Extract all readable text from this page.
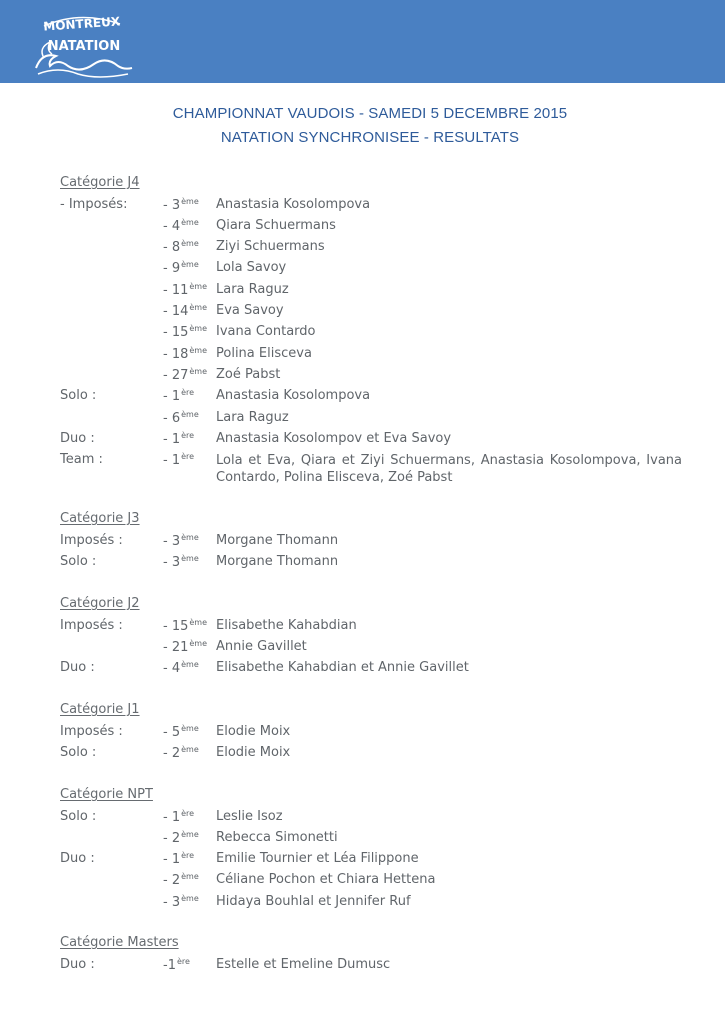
MONTREUX
NATATION
CHAMPIONNAT VAUDOIS - SAMEDI 5 DECEMBRE 2015
NATATION SYNCHRONISEE - RESULTATS
Catégorie J4
- Imposés:	- 3ème Anastasia Kosolompova
- 4ème Qiara Schuermans
- 8ème Ziyi Schuermans
- 9ème Lola Savoy
- 11ème Lara Raguz
- 14ème Eva Savoy
- 15ème Ivana Contardo
- 18ème Polina Elisceva
- 27ème Zoé Pabst
Solo :	- 1ère Anastasia Kosolompova
- 6ème Lara Raguz
Duo :	- 1ère Anastasia Kosolompov et Eva Savoy
Team :	- 1ère Lola et Eva, Qiara et Ziyi Schuermans, Anastasia Kosolompova, Ivana Contardo, Polina Elisceva, Zoé Pabst
Catégorie J3
Imposés :	- 3ème Morgane Thomann
Solo :	- 3ème Morgane Thomann
Catégorie J2
Imposés :	- 15ème Elisabethe Kahabdian
- 21ème Annie Gavillet
Duo :	- 4ème Elisabethe Kahabdian et Annie Gavillet
Catégorie J1
Imposés :	- 5ème Elodie Moix
Solo :	- 2ème Elodie Moix
Catégorie NPT
Solo :	- 1ère Leslie Isoz
- 2ème Rebecca Simonetti
Duo :	- 1ère Emilie Tournier et Léa Filippone
- 2ème Céliane Pochon et Chiara Hettena
- 3ème Hidaya Bouhlal et Jennifer Ruf
Catégorie Masters
Duo :	-1ère Estelle et Emeline Dumusc
